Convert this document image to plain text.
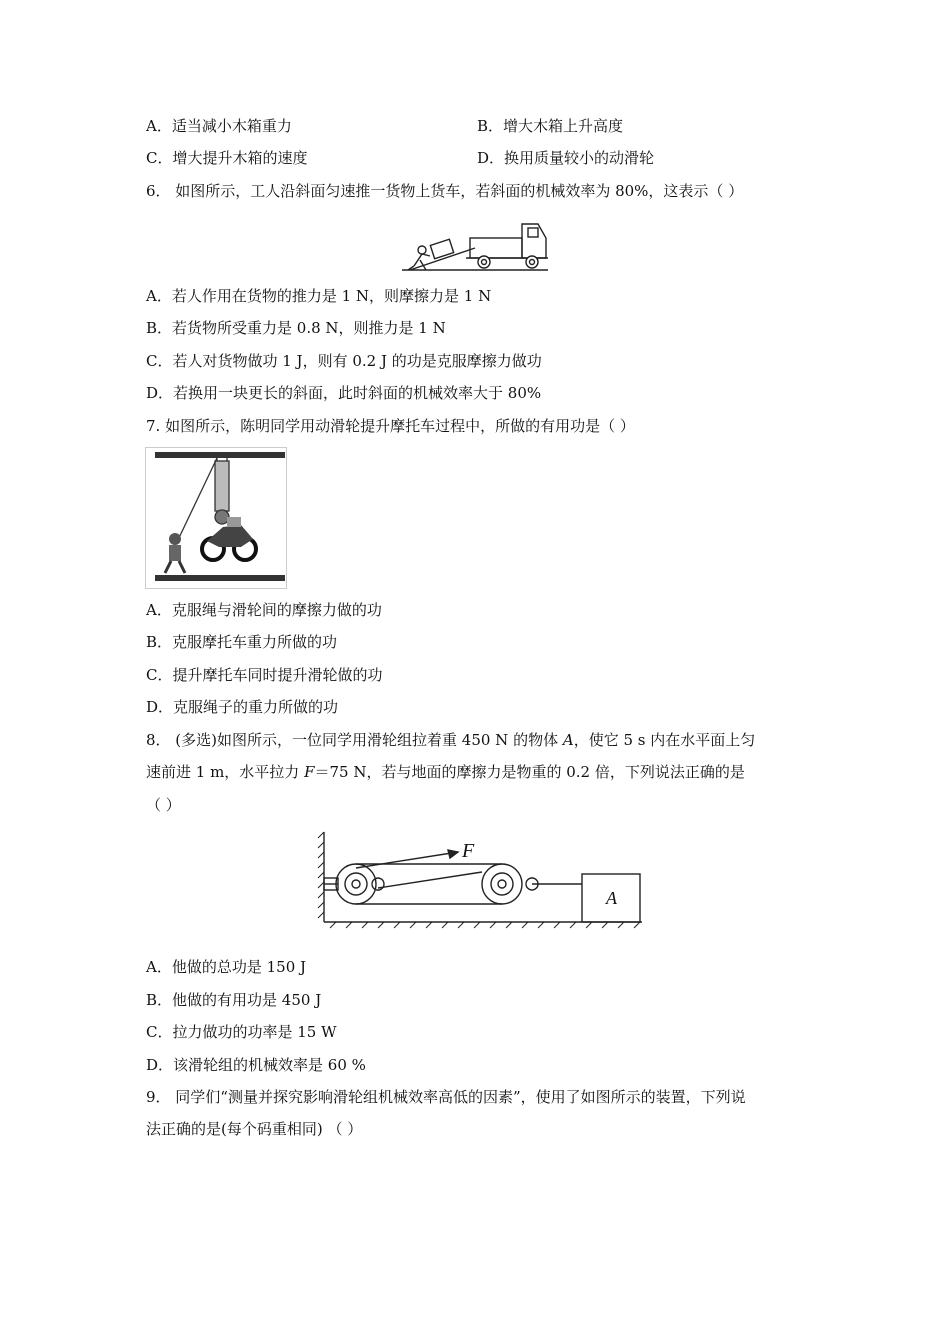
A．适当减小木箱重力	B．增大木箱上升高度
C．增大提升木箱的速度	D．换用质量较小的动滑轮
6． 如图所示，工人沿斜面匀速推一货物上货车，若斜面的机械效率为 80%，这表示（ ）
A．若人作用在货物的推力是 1 N，则摩擦力是 1 N
B．若货物所受重力是 0.8 N，则推力是 1 N
C．若人对货物做功 1 J，则有 0.2 J 的功是克服摩擦力做功
D．若换用一块更长的斜面，此时斜面的机械效率大于 80%
7. 如图所示，陈明同学用动滑轮提升摩托车过程中，所做的有用功是（ ）
A．克服绳与滑轮间的摩擦力做的功
B．克服摩托车重力所做的功
C．提升摩托车同时提升滑轮做的功
D．克服绳子的重力所做的功
8． (多选)如图所示，一位同学用滑轮组拉着重 450 N 的物体 A，使它 5 s 内在水平面上匀
速前进 1 m，水平拉力 F＝75 N，若与地面的摩擦力是物重的 0.2 倍，下列说法正确的是
（ ）
F
A
A．他做的总功是 150 J
B．他做的有用功是 450 J
C．拉力做功的功率是 15 W
D．该滑轮组的机械效率是 60 %
9． 同学们“测量并探究影响滑轮组机械效率高低的因素”，使用了如图所示的装置，下列说
法正确的是(每个码重相同) （ ）
